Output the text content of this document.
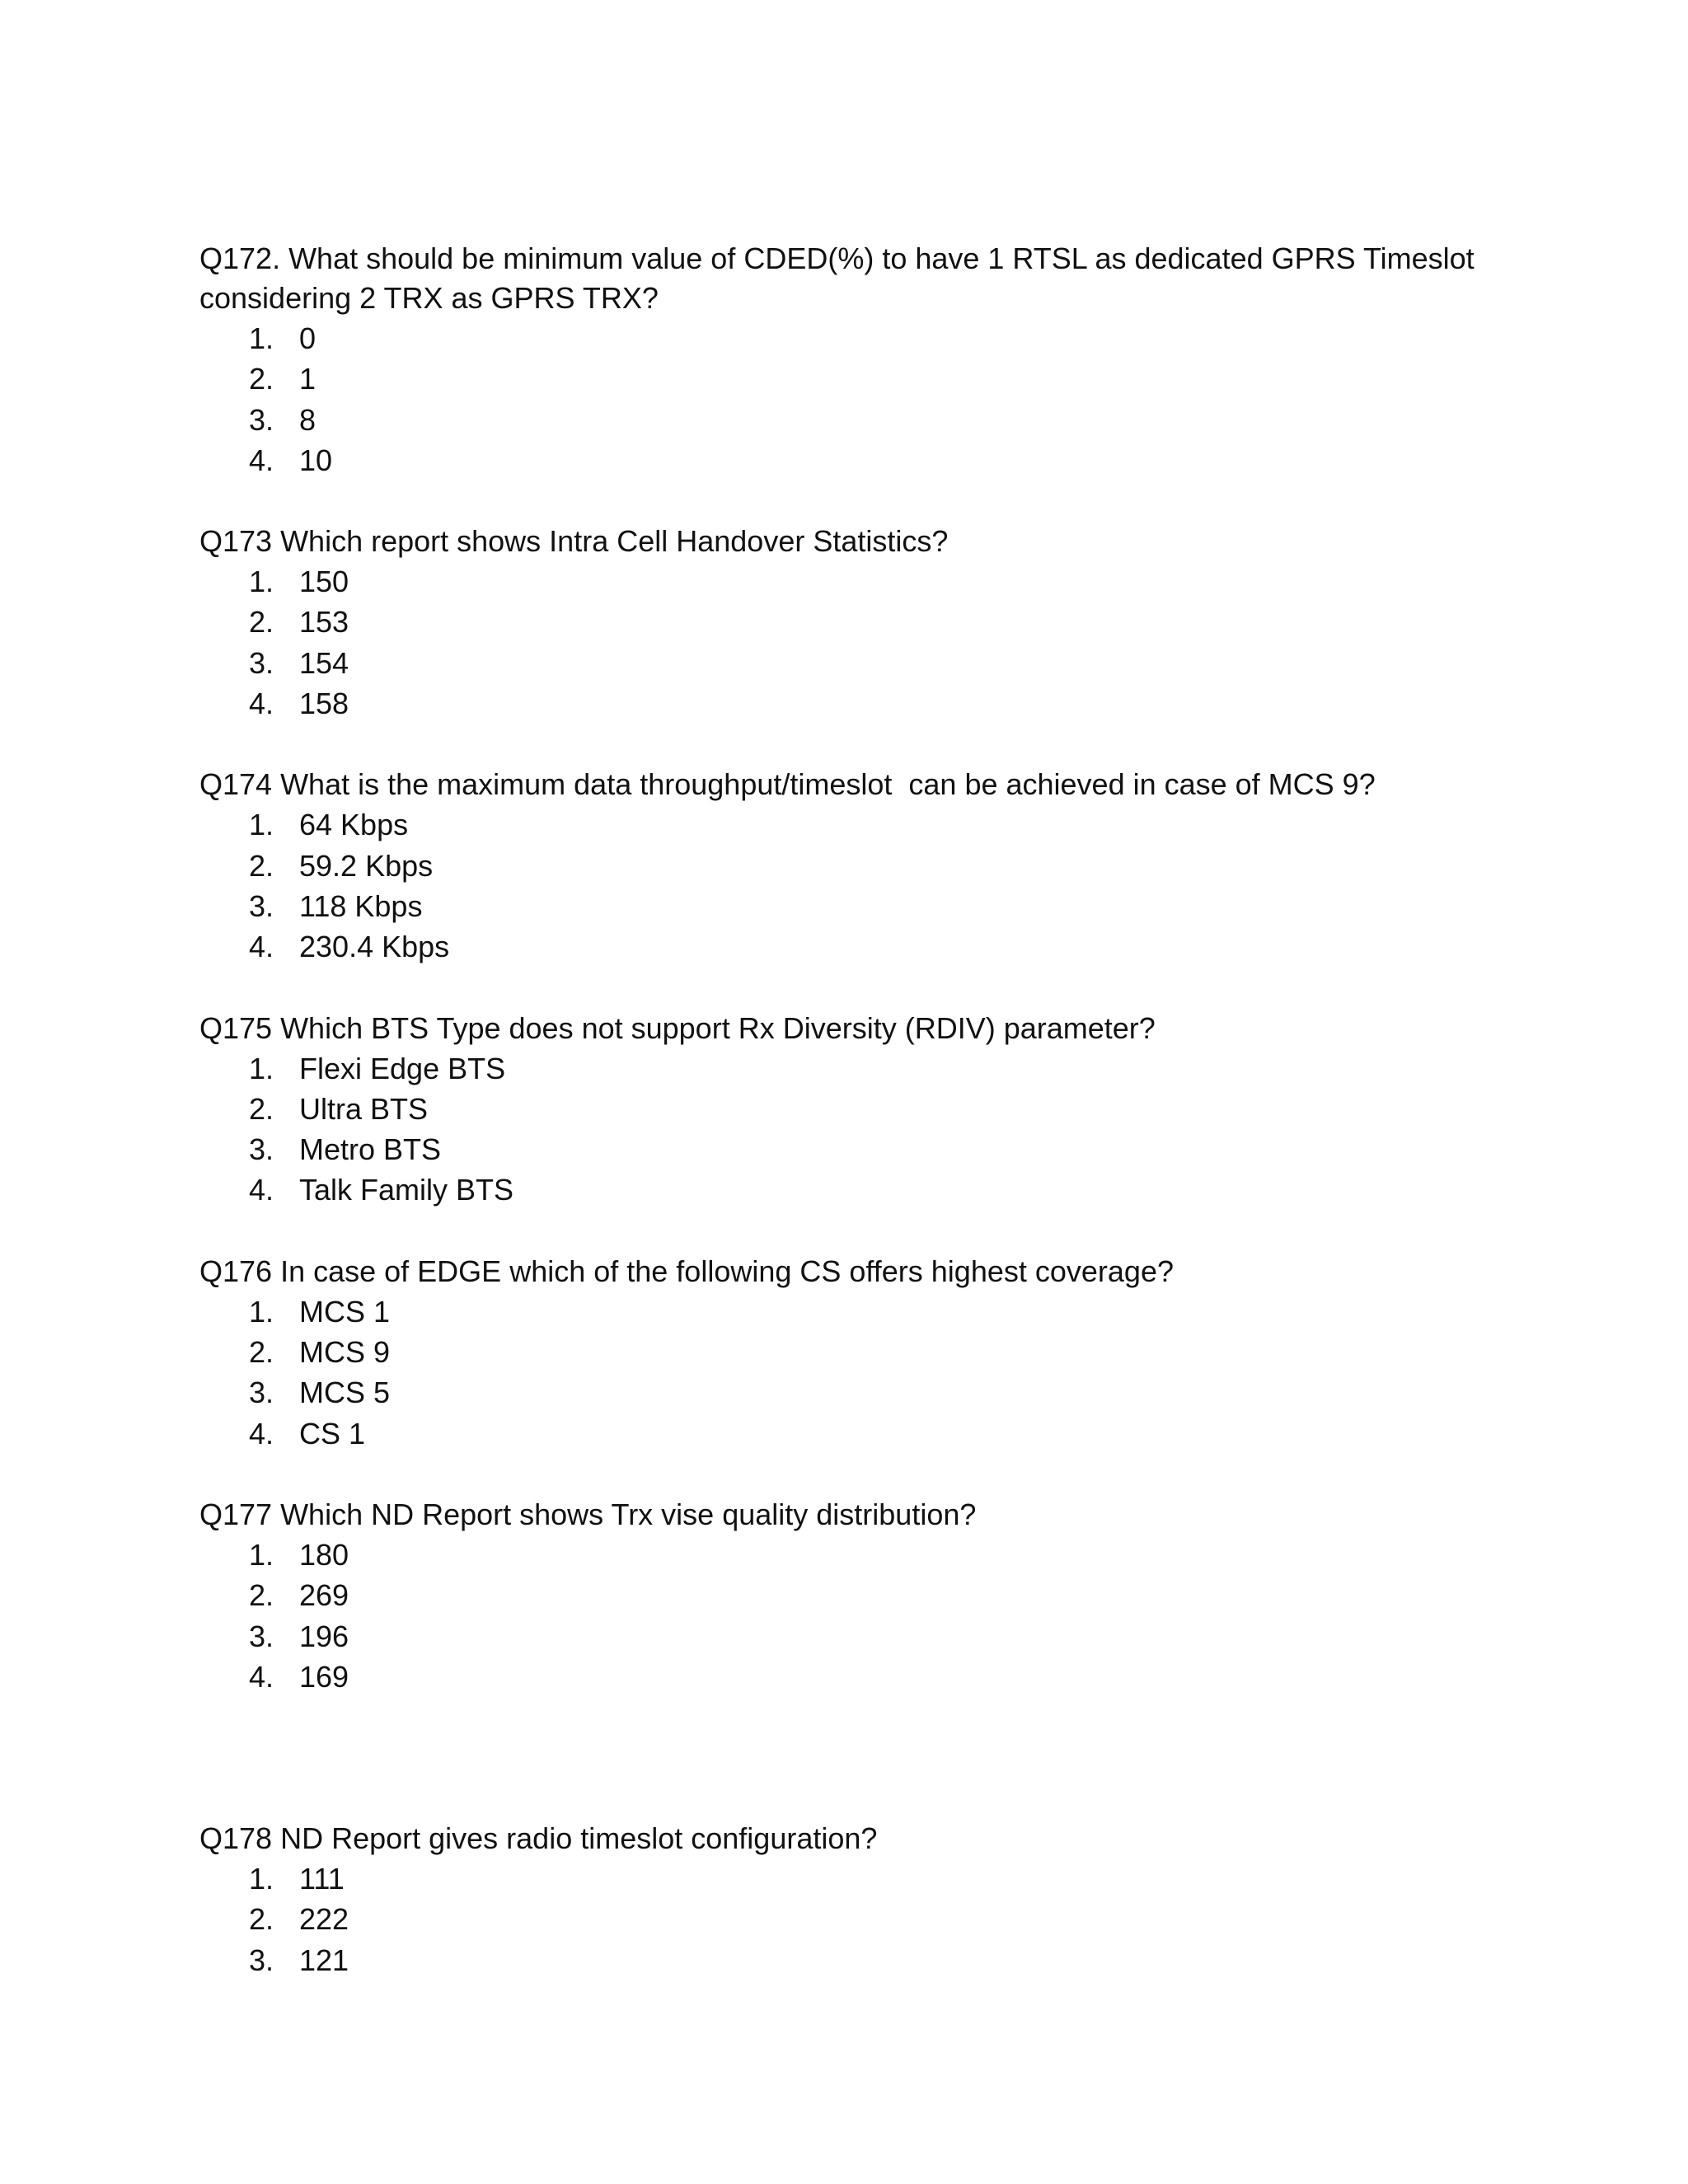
Q172. What should be minimum value of CDED(%) to have 1 RTSL as dedicated GPRS Timeslot considering 2 TRX as GPRS TRX?

1. 0
2. 1
3. 8
4. 10

Q173 Which report shows Intra Cell Handover Statistics?

1. 150
2. 153
3. 154
4. 158

Q174 What is the maximum data throughput/timeslot  can be achieved in case of MCS 9?

1. 64 Kbps
2. 59.2 Kbps
3. 118 Kbps
4. 230.4 Kbps

Q175 Which BTS Type does not support Rx Diversity (RDIV) parameter?

1. Flexi Edge BTS
2. Ultra BTS
3. Metro BTS
4. Talk Family BTS

Q176 In case of EDGE which of the following CS offers highest coverage?

1. MCS 1
2. MCS 9
3. MCS 5
4. CS 1

Q177 Which ND Report shows Trx vise quality distribution?

1. 180
2. 269
3. 196
4. 169

Q178 ND Report gives radio timeslot configuration?

1. 111
2. 222
3. 121
